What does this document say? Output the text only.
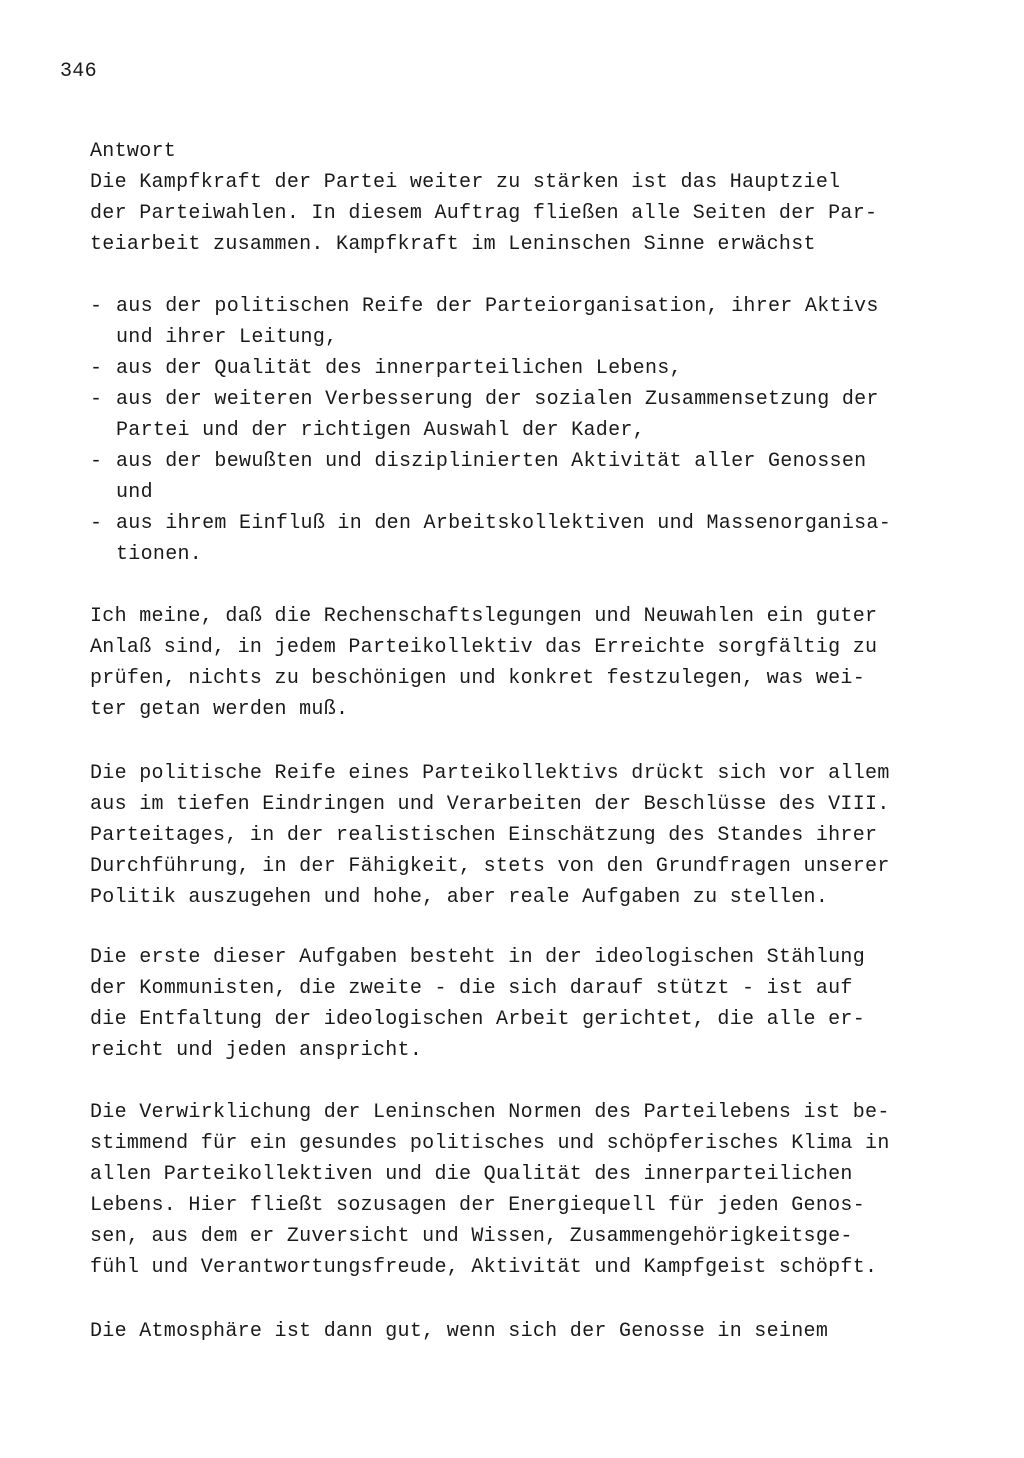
346
Antwort
Die Kampfkraft der Partei weiter zu stärken ist das Hauptziel
der Parteiwahlen. In diesem Auftrag fließen alle Seiten der Par-
teiarbeit zusammen. Kampfkraft im Leninschen Sinne erwächst
- aus der politischen Reife der Parteiorganisation, ihrer Aktivs
und ihrer Leitung,
- aus der Qualität des innerparteilichen Lebens,
- aus der weiteren Verbesserung der sozialen Zusammensetzung der
Partei und der richtigen Auswahl der Kader,
- aus der bewußten und disziplinierten Aktivität aller Genossen
und
- aus ihrem Einfluß in den Arbeitskollektiven und Massenorganisa-
tionen.
Ich meine, daß die Rechenschaftslegungen und Neuwahlen ein guter
Anlaß sind, in jedem Parteikollektiv das Erreichte sorgfältig zu
prüfen, nichts zu beschönigen und konkret festzulegen, was wei-
ter getan werden muß.
Die politische Reife eines Parteikollektivs drückt sich vor allem
aus im tiefen Eindringen und Verarbeiten der Beschlüsse des VIII.
Parteitages, in der realistischen Einschätzung des Standes ihrer
Durchführung, in der Fähigkeit, stets von den Grundfragen unserer
Politik auszugehen und hohe, aber reale Aufgaben zu stellen.
Die erste dieser Aufgaben besteht in der ideologischen Stählung
der Kommunisten, die zweite - die sich darauf stützt - ist auf
die Entfaltung der ideologischen Arbeit gerichtet, die alle er-
reicht und jeden anspricht.
Die Verwirklichung der Leninschen Normen des Parteilebens ist be-
stimmend für ein gesundes politisches und schöpferisches Klima in
allen Parteikollektiven und die Qualität des innerparteilichen
Lebens. Hier fließt sozusagen der Energiequell für jeden Genos-
sen, aus dem er Zuversicht und Wissen, Zusammengehörigkeitsge-
fühl und Verantwortungsfreude, Aktivität und Kampfgeist schöpft.
Die Atmosphäre ist dann gut, wenn sich der Genosse in seinem
